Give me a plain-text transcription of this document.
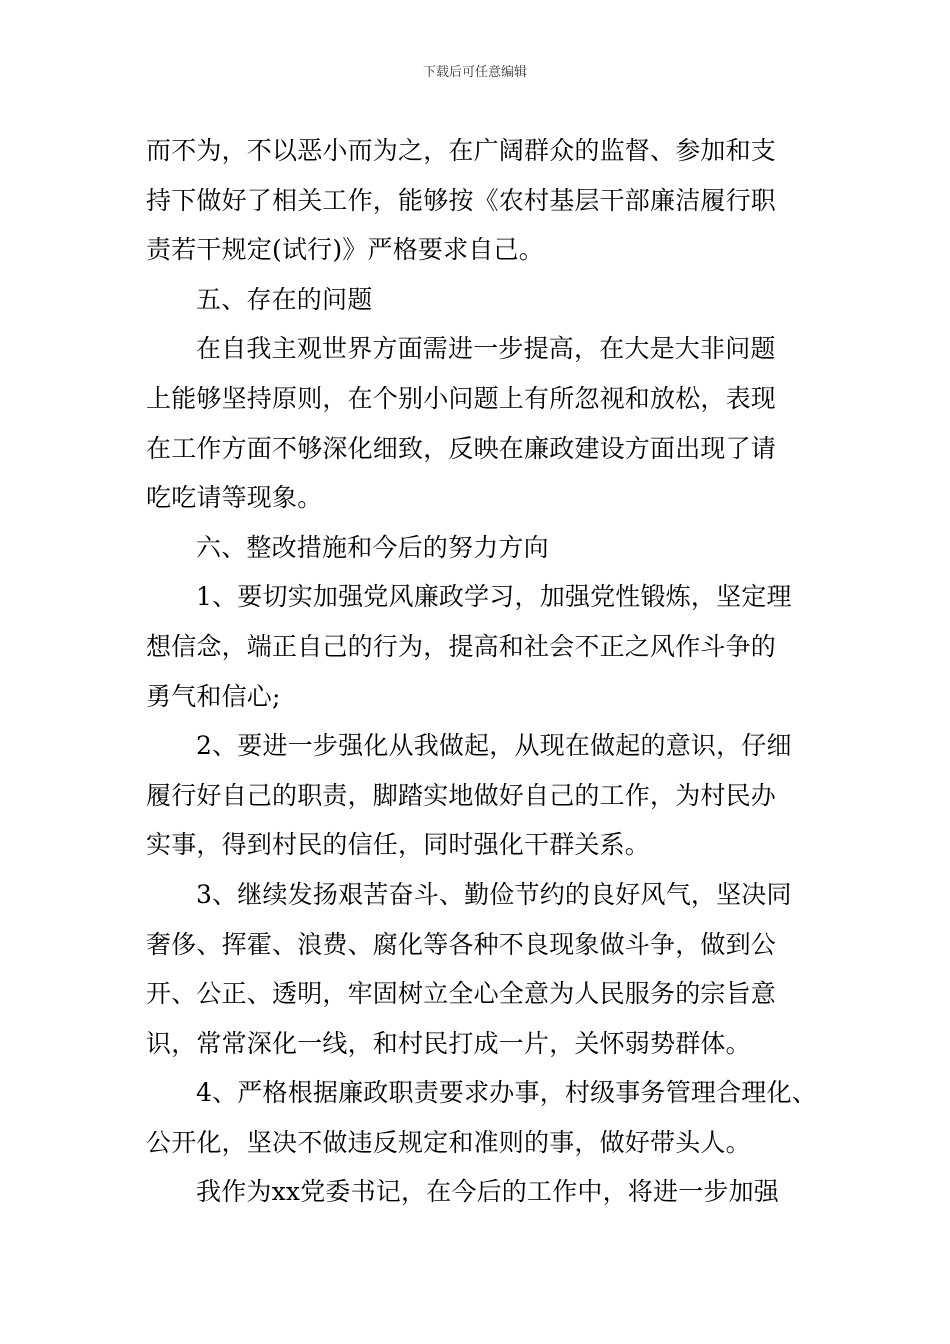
下载后可任意编辑
而不为，不以恶小而为之，在广阔群众的监督、参加和支
持下做好了相关工作，能够按《农村基层干部廉洁履行职
责若干规定(试行)》严格要求自己。
五、存在的问题
在自我主观世界方面需进一步提高，在大是大非问题
上能够坚持原则，在个别小问题上有所忽视和放松，表现
在工作方面不够深化细致，反映在廉政建设方面出现了请
吃吃请等现象。
六、整改措施和今后的努力方向
1、要切实加强党风廉政学习，加强党性锻炼，坚定理
想信念，端正自己的行为，提高和社会不正之风作斗争的
勇气和信心;
2、要进一步强化从我做起，从现在做起的意识，仔细
履行好自己的职责，脚踏实地做好自己的工作，为村民办
实事，得到村民的信任，同时强化干群关系。
3、继续发扬艰苦奋斗、勤俭节约的良好风气，坚决同
奢侈、挥霍、浪费、腐化等各种不良现象做斗争，做到公
开、公正、透明，牢固树立全心全意为人民服务的宗旨意
识，常常深化一线，和村民打成一片，关怀弱势群体。
4、严格根据廉政职责要求办事，村级事务管理合理化、
公开化，坚决不做违反规定和准则的事，做好带头人。
我作为xx党委书记，在今后的工作中，将进一步加强
